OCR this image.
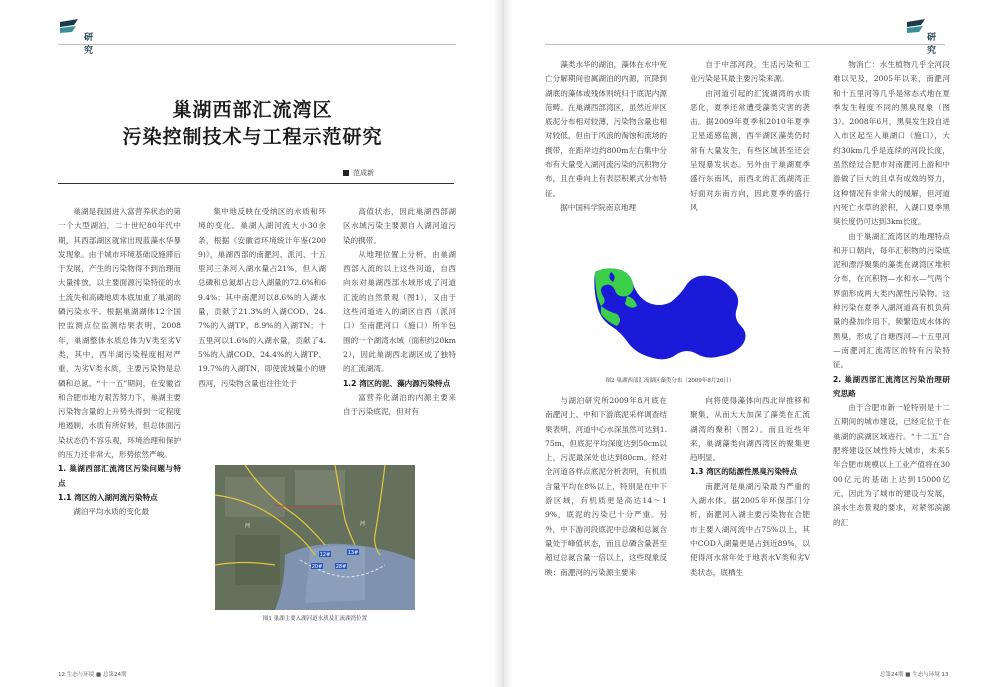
研究
研究
巢湖西部汇流湾区
污染控制技术与工程示范研究
范成新

巢湖是我国进入富营养状态的第一个大型湖泊，二十世纪80年代中期，其西部湖区就常出现蓝藻水华暴发现象。由于城市环境基础设施滞后于发展，产生的污染物得不到治理而大量排放，以主要面源污染特征的水土流失和高磷地质本底加重了巢湖的磷污染水平。根据巢湖湖体12个国控监测点位监测结果表明，2008年，巢湖整体水质总体为Ⅴ类至劣Ⅴ类，其中，西半湖污染程度相对严重，为劣Ⅴ类水质，主要污染物是总磷和总氮。“十一五”期间，在安徽省和合肥市地方艰苦努力下，巢湖主要污染物含量的上升势头得到一定程度地遏制，水质有所好转，但总体面污染状态仍不容乐观，环境治理和保护的压力还非常大，形势依然严峻。

1. 巢湖西部汇流湾区污染问题与特点

1.1 湾区的入湖河流污染特点

湖泊平均水质的变化最

集中地反映在受纳区的水质和环境的变化。巢湖入湖河流大小30余条，根据《安徽省环境统计年鉴(2009)》，巢湖西部的南淝河、派河、十五里河三条河入湖水量占21%，但入湖总磷和总氮却占总入湖量的72.6%和69.4%；其中南淝河以8.6%的入湖水量，贡献了21.3%的入湖COD、24.7%的入湖TP、8.9%的入湖TN；十五里河以1.6%的入湖水量，贡献了4.5%的入湖COD、24.4%的入湖TP、19.7%的入湖TN，即使流域量小的塘西河，污染物含量也往往处于

高值状态，因此巢湖西部湖区水域污染主要源自入湖河道污染的携带。

从地理位置上分析，由巢湖西部入流的以上这些河道，自西向东对巢湖西部水域形成了河道汇流的自然景观（图1），又由于这些河道进入的湖区自西（派河口）至南淝河口（施口）所半包围的一个湖湾水域（面积约20km2），因此巢湖西北湖区成了独特的汇流湖湾。

1.2 湾区的泥、藻内源污染特点

富营养化湖泊的内源主要来自于污染底泥，但对有

藻类水华的湖泊，藻体在水中死亡分解期间也属湖泊的内源，沉降到湖底的藻体或残体则统归于底泥内源范畴。在巢湖西部湾区，虽然近岸区底泥分布相对较薄，污染物含量也相对较低，但由于风浪的淘蚀和流场的携带，在距岸边约800m左右集中分布有大量受入湖河流污染的沉积物分布，且在垂向上有表层积累式分布特征。

据中国科学院南京地理

自于中部河段，生活污染和工业污染是其最主要污染来源。

由河道引起的汇流湖湾的水质恶化，夏季还常遭受藻类灾害的袭击。据2009年夏季和2010年夏季卫星遥感监测，西半湖区藻类仍时常有大量发生，有些区域甚至还会呈现暴发状态。另外由于巢湖夏季盛行东南风，而西北的汇流湖湾正好面对东南方向，因此夏季的盛行风

物消亡：水生植物几乎全河段难以见及，2005年以来，南淝河和十五里河等几乎是常态式地在夏季发生程度不同的黑臭现象（图3）。2008年6月，黑臭发生段自进入市区起至入巢湖口（施口），大约30km几乎是连续的河段长度，虽然经过合肥市对南淝河上游和中游做了巨大的且卓有成效的努力，这种情况有非常大的缓解，但河道内死亡水草的淤积，入湖口夏季黑臭长度仍可达到3km长度。

由于巢湖汇流湾区的地理特点和开口朝向，每年汇积物的污染底泥和漂浮聚集的藻类在湖湾区堆积分布，在沉积物—水和水—气两个界面形成两大类内源性污染物。这种污染在夏季入湖河道高有机负荷量的叠加作用下，频繁造成水体的黑臭，形成了自塘西河—十五里河—南淝河汇流湾区的特有污染特征。

2. 巢湖西部汇流湾区污染治理研究思路

由于合肥市新一轮特别是十二五期间的城市建设，已经定位于在巢湖的滨湖区域进行。“十二五”合肥将建设区域性特大城市，未来5年合肥市规模以上工业产值将在3000亿元的基础上达到15000亿元，因此为了城市的建设与发展，滨水生态景观的要求，对紧邻滨湖的汇

与湖泊研究所2009年8月底在南淝河上、中和下游底泥采样调查结果表明，河道中心水深虽然可达到1.75m，但底泥平均深度达到50cm以上，污泥最深处也达到80cm。经对全河道各样点底泥分析表明，有机质含量平均在8%以上，特别是在中下游区域，有机质更是高达14～19%，底泥的污染已十分严重。另外，中下游河段底泥中总磷和总氮含量处于峰值状态，而且总磷含量甚至超过总氮含量一倍以上，这些现象反映：南淝河的污染源主要来

向将使得藻体向西北岸推移和聚集，从而大大加深了藻类在汇流湖湾的聚积（图2）。而且近些年来，巢湖藻类向湖西湾区的聚集更趋明显。

1.3 湾区的陆源性黑臭污染特点

南淝河是巢湖污染最为严重的入湖水体。据2005年环保部门分析，南淝河入湖主要污染物在合肥市主要入湖河流中占75%以上，其中COD入湖量更是占到近89%，以使得河水常年处于地表水Ⅴ类和劣Ⅴ类状态，底栖生

12#	13#
20#	28#
河	河
图1 巢湖主要入湖河道水质及汇流湖湾位置
图2 巢湖西部汇流湖区藻类分布（2009年8月26日）
12 生态与环境 ■ 总第24期	总第24期 ■ 生态与环境 13
